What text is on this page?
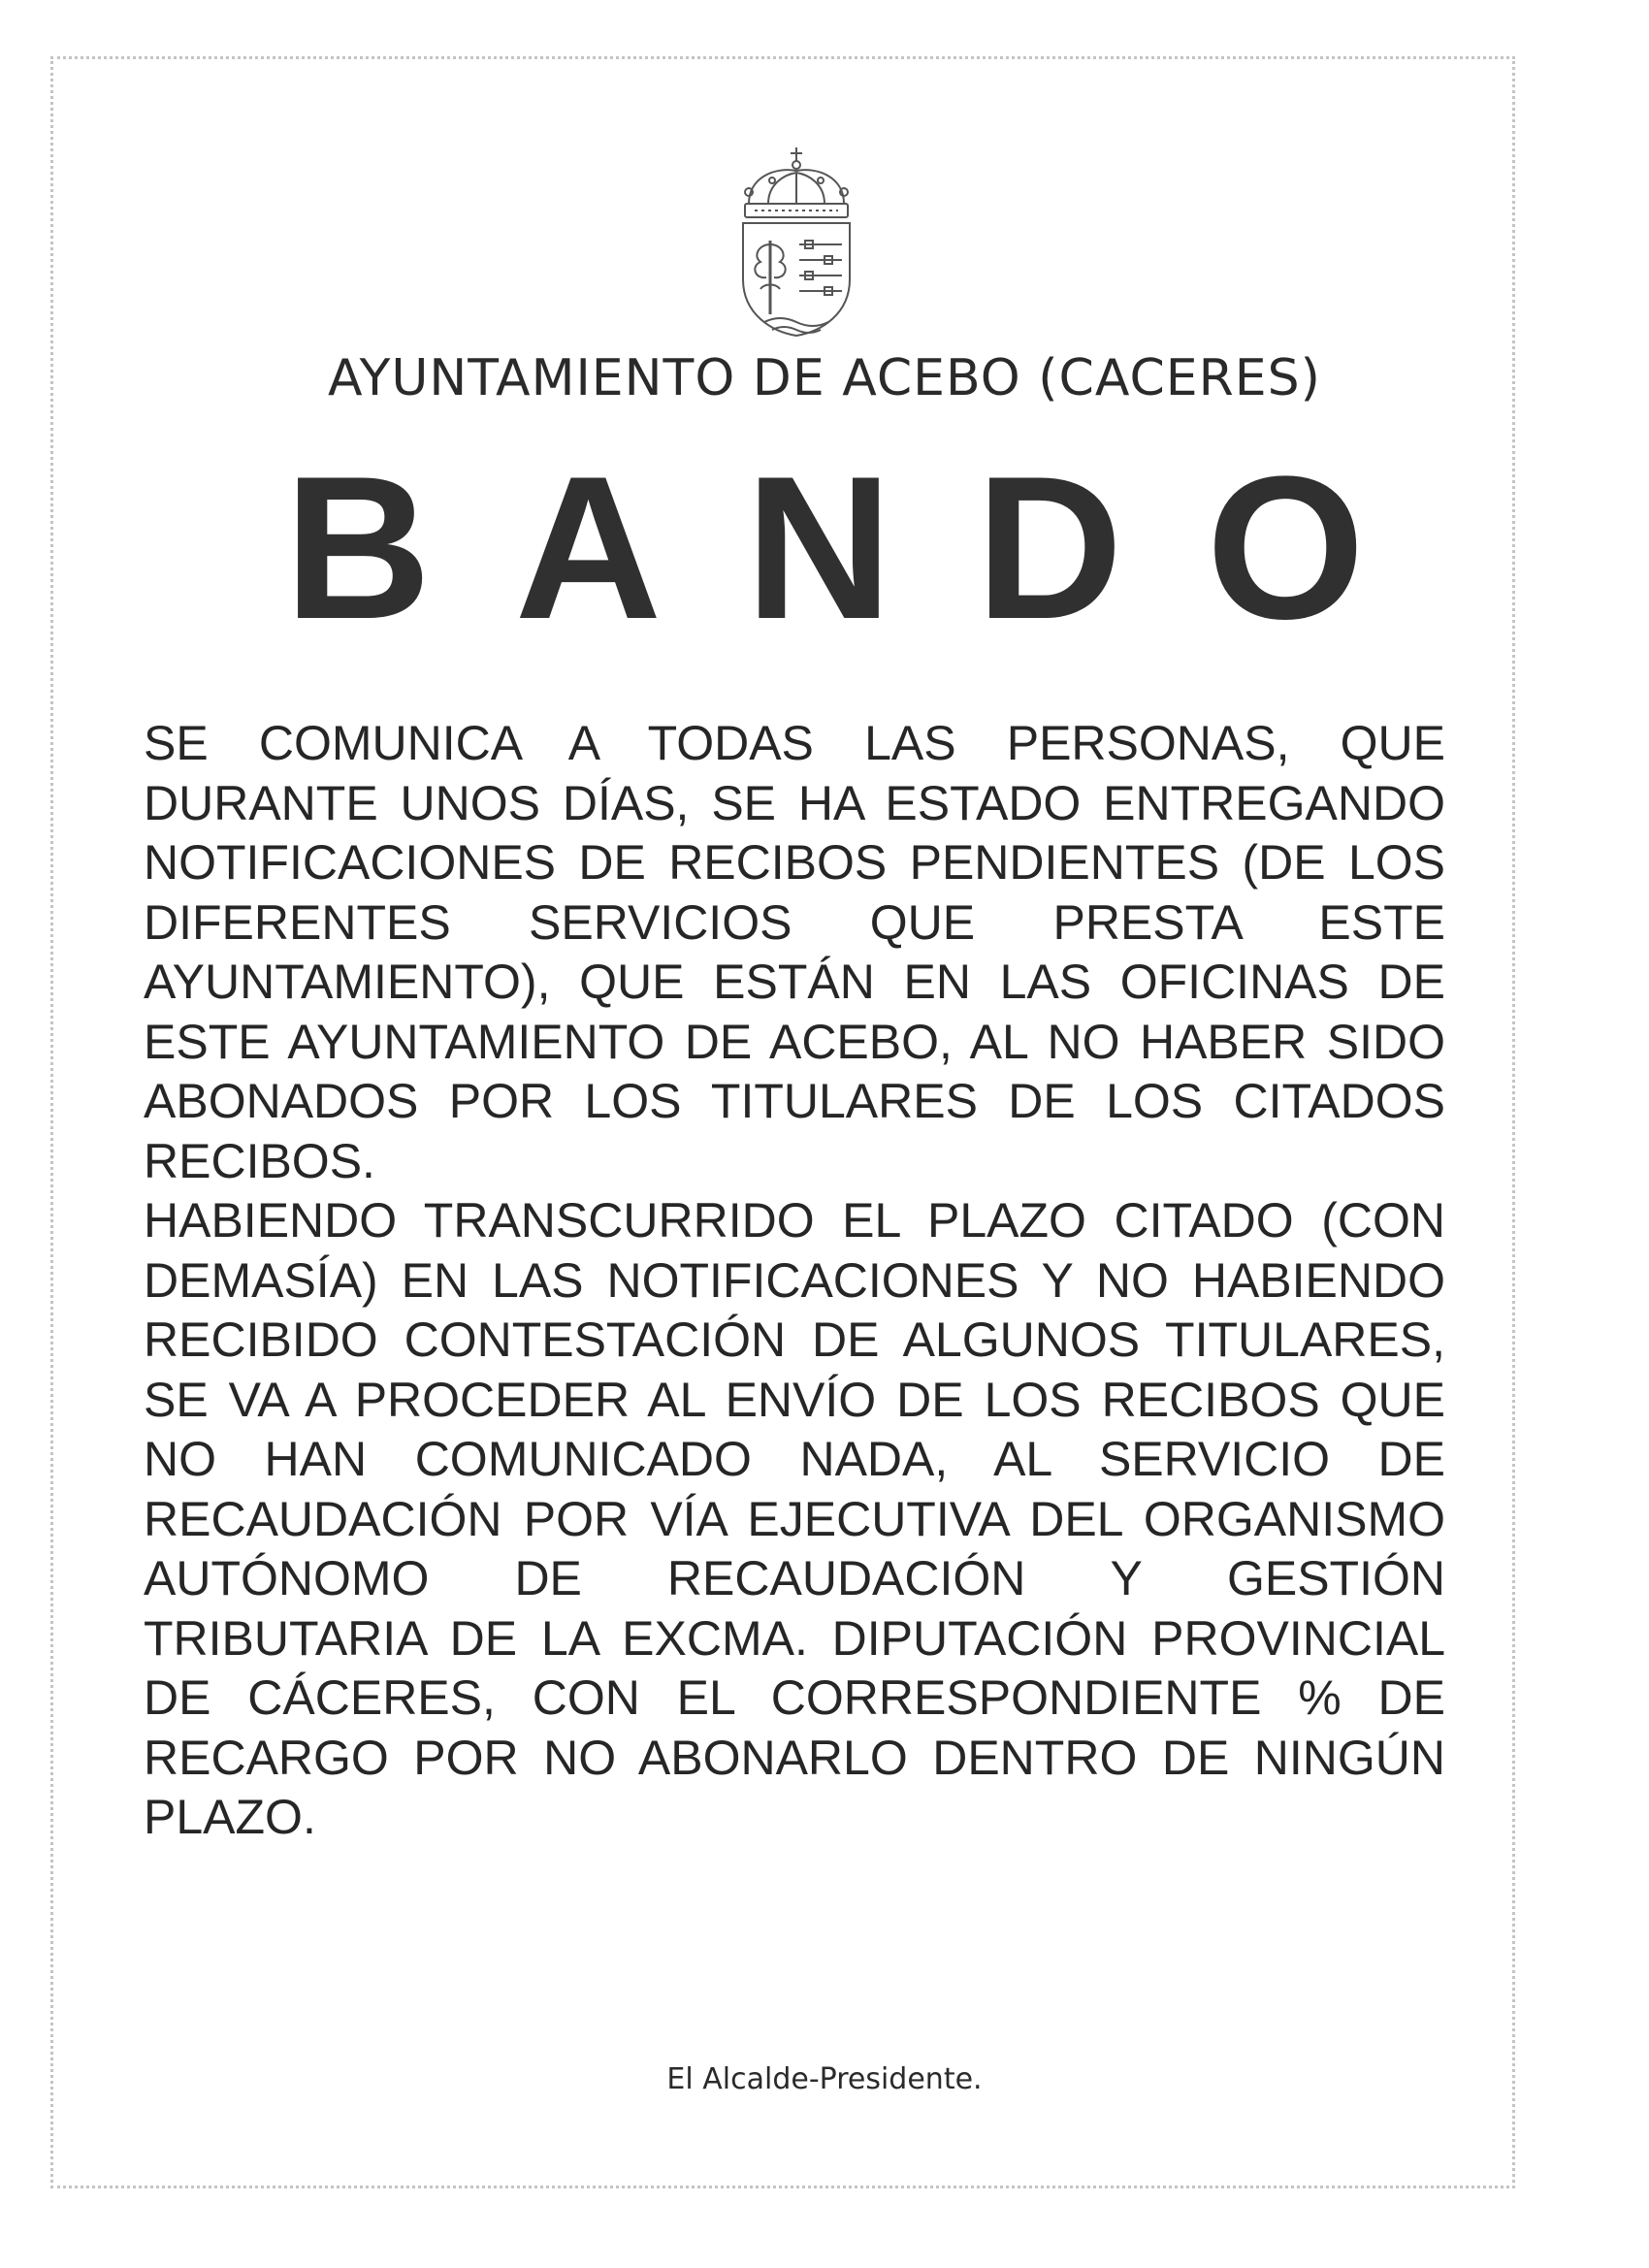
AYUNTAMIENTO DE ACEBO (CACERES)
BANDO

SE COMUNICA A TODAS LAS PERSONAS, QUE DURANTE UNOS DÍAS, SE HA ESTADO ENTREGANDO NOTIFICACIONES DE RECIBOS PENDIENTES (DE LOS DIFERENTES SERVICIOS QUE PRESTA ESTE AYUNTAMIENTO), QUE ESTÁN EN LAS OFICINAS DE ESTE AYUNTAMIENTO DE ACEBO, AL NO HABER SIDO ABONADOS POR LOS TITULARES DE LOS CITADOS RECIBOS.

HABIENDO TRANSCURRIDO EL PLAZO CITADO (CON DEMASÍA) EN LAS NOTIFICACIONES Y NO HABIENDO RECIBIDO CONTESTACIÓN DE ALGUNOS TITULARES, SE VA A PROCEDER AL ENVÍO DE LOS RECIBOS QUE NO HAN COMUNICADO NADA, AL SERVICIO DE RECAUDACIÓN POR VÍA EJECUTIVA DEL ORGANISMO AUTÓNOMO DE RECAUDACIÓN Y GESTIÓN TRIBUTARIA DE LA EXCMA. DIPUTACIÓN PROVINCIAL DE CÁCERES, CON EL CORRESPONDIENTE % DE RECARGO POR NO ABONARLO DENTRO DE NINGÚN PLAZO.

El Alcalde-Presidente.
